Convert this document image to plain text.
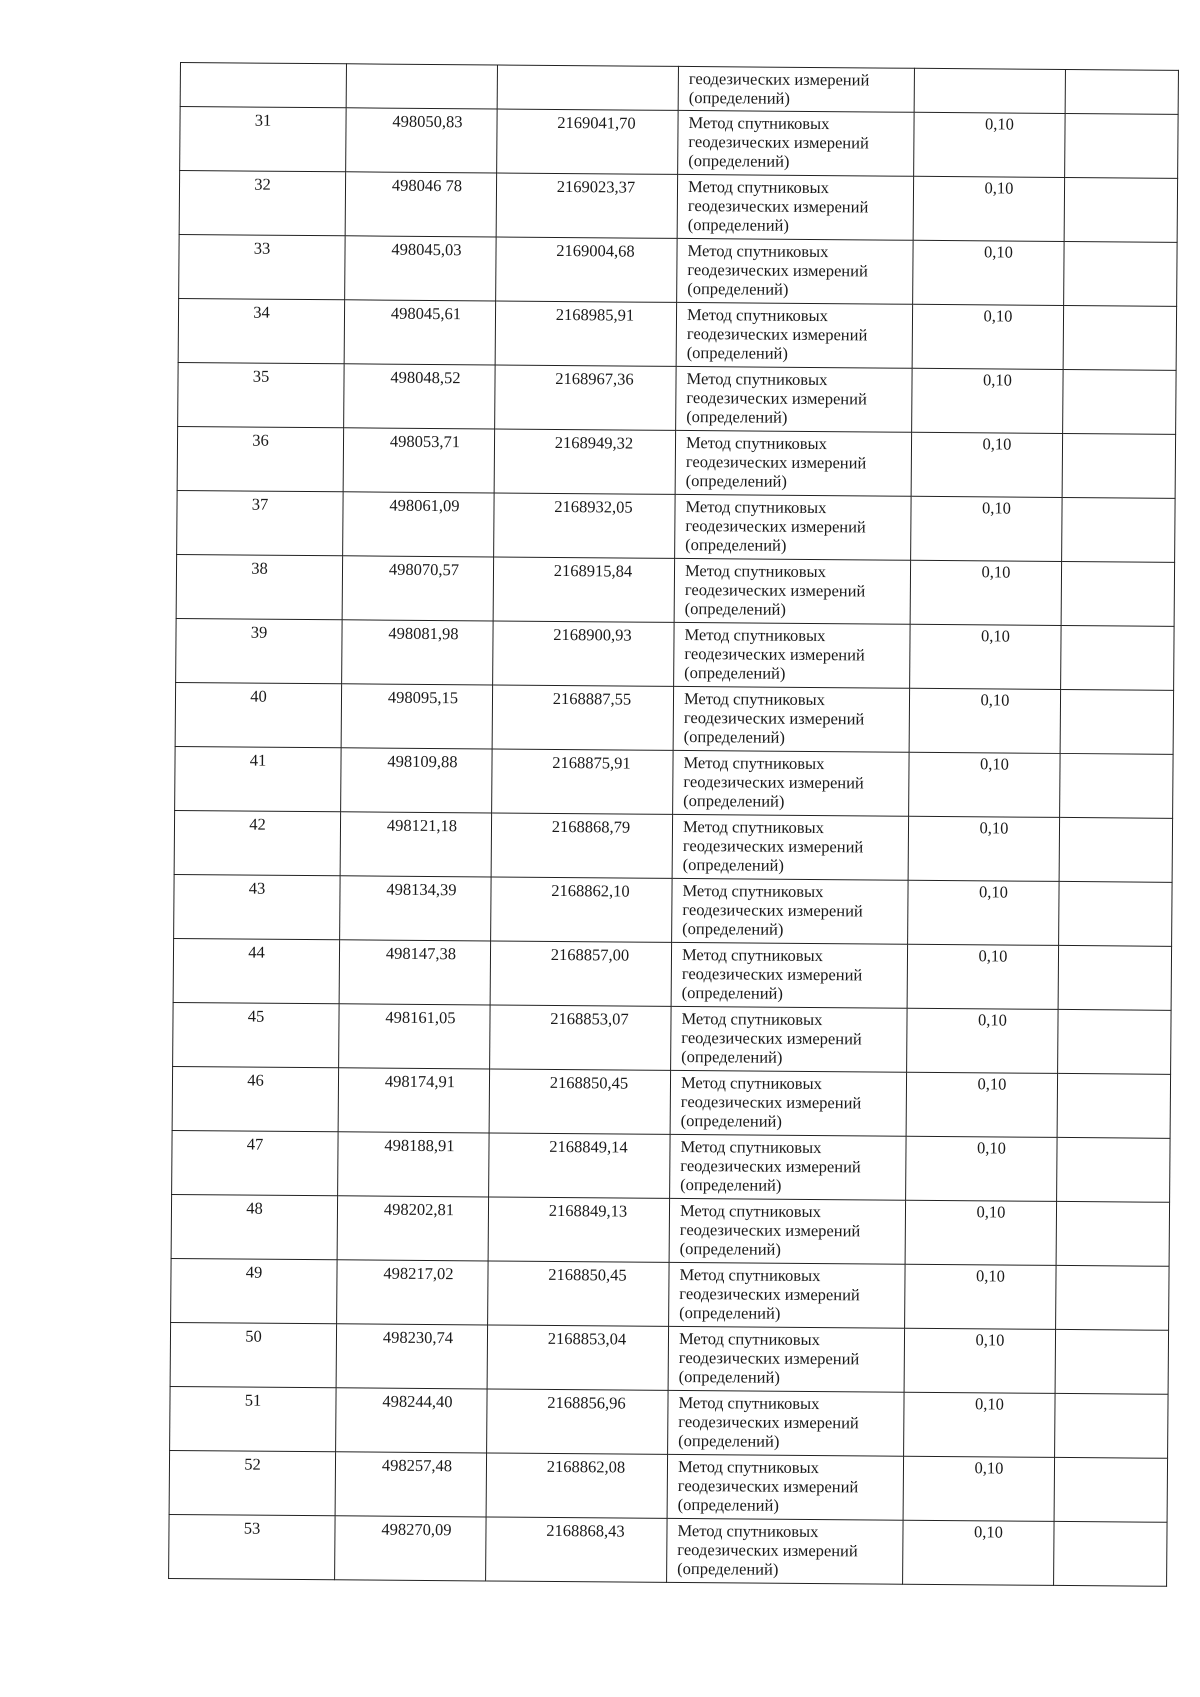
			геодезических измерений (определений)		

31	498050,83	2169041,70	Метод спутниковых геодезических измерений (определений)	0,10	

32	498046 78	2169023,37	Метод спутниковых геодезических измерений (определений)	0,10	

33	498045,03	2169004,68	Метод спутниковых геодезических измерений (определений)	0,10	

34	498045,61	2168985,91	Метод спутниковых геодезических измерений (определений)	0,10	

35	498048,52	2168967,36	Метод спутниковых геодезических измерений (определений)	0,10	

36	498053,71	2168949,32	Метод спутниковых геодезических измерений (определений)	0,10	

37	498061,09	2168932,05	Метод спутниковых геодезических измерений (определений)	0,10	

38	498070,57	2168915,84	Метод спутниковых геодезических измерений (определений)	0,10	

39	498081,98	2168900,93	Метод спутниковых геодезических измерений (определений)	0,10	

40	498095,15	2168887,55	Метод спутниковых геодезических измерений (определений)	0,10	

41	498109,88	2168875,91	Метод спутниковых геодезических измерений (определений)	0,10	

42	498121,18	2168868,79	Метод спутниковых геодезических измерений (определений)	0,10	

43	498134,39	2168862,10	Метод спутниковых геодезических измерений (определений)	0,10	

44	498147,38	2168857,00	Метод спутниковых геодезических измерений (определений)	0,10	

45	498161,05	2168853,07	Метод спутниковых геодезических измерений (определений)	0,10	

46	498174,91	2168850,45	Метод спутниковых геодезических измерений (определений)	0,10	

47	498188,91	2168849,14	Метод спутниковых геодезических измерений (определений)	0,10	

48	498202,81	2168849,13	Метод спутниковых геодезических измерений (определений)	0,10	

49	498217,02	2168850,45	Метод спутниковых геодезических измерений (определений)	0,10	

50	498230,74	2168853,04	Метод спутниковых геодезических измерений (определений)	0,10	

51	498244,40	2168856,96	Метод спутниковых геодезических измерений (определений)	0,10	

52	498257,48	2168862,08	Метод спутниковых геодезических измерений (определений)	0,10	

53	498270,09	2168868,43	Метод спутниковых геодезических измерений (определений)	0,10	
